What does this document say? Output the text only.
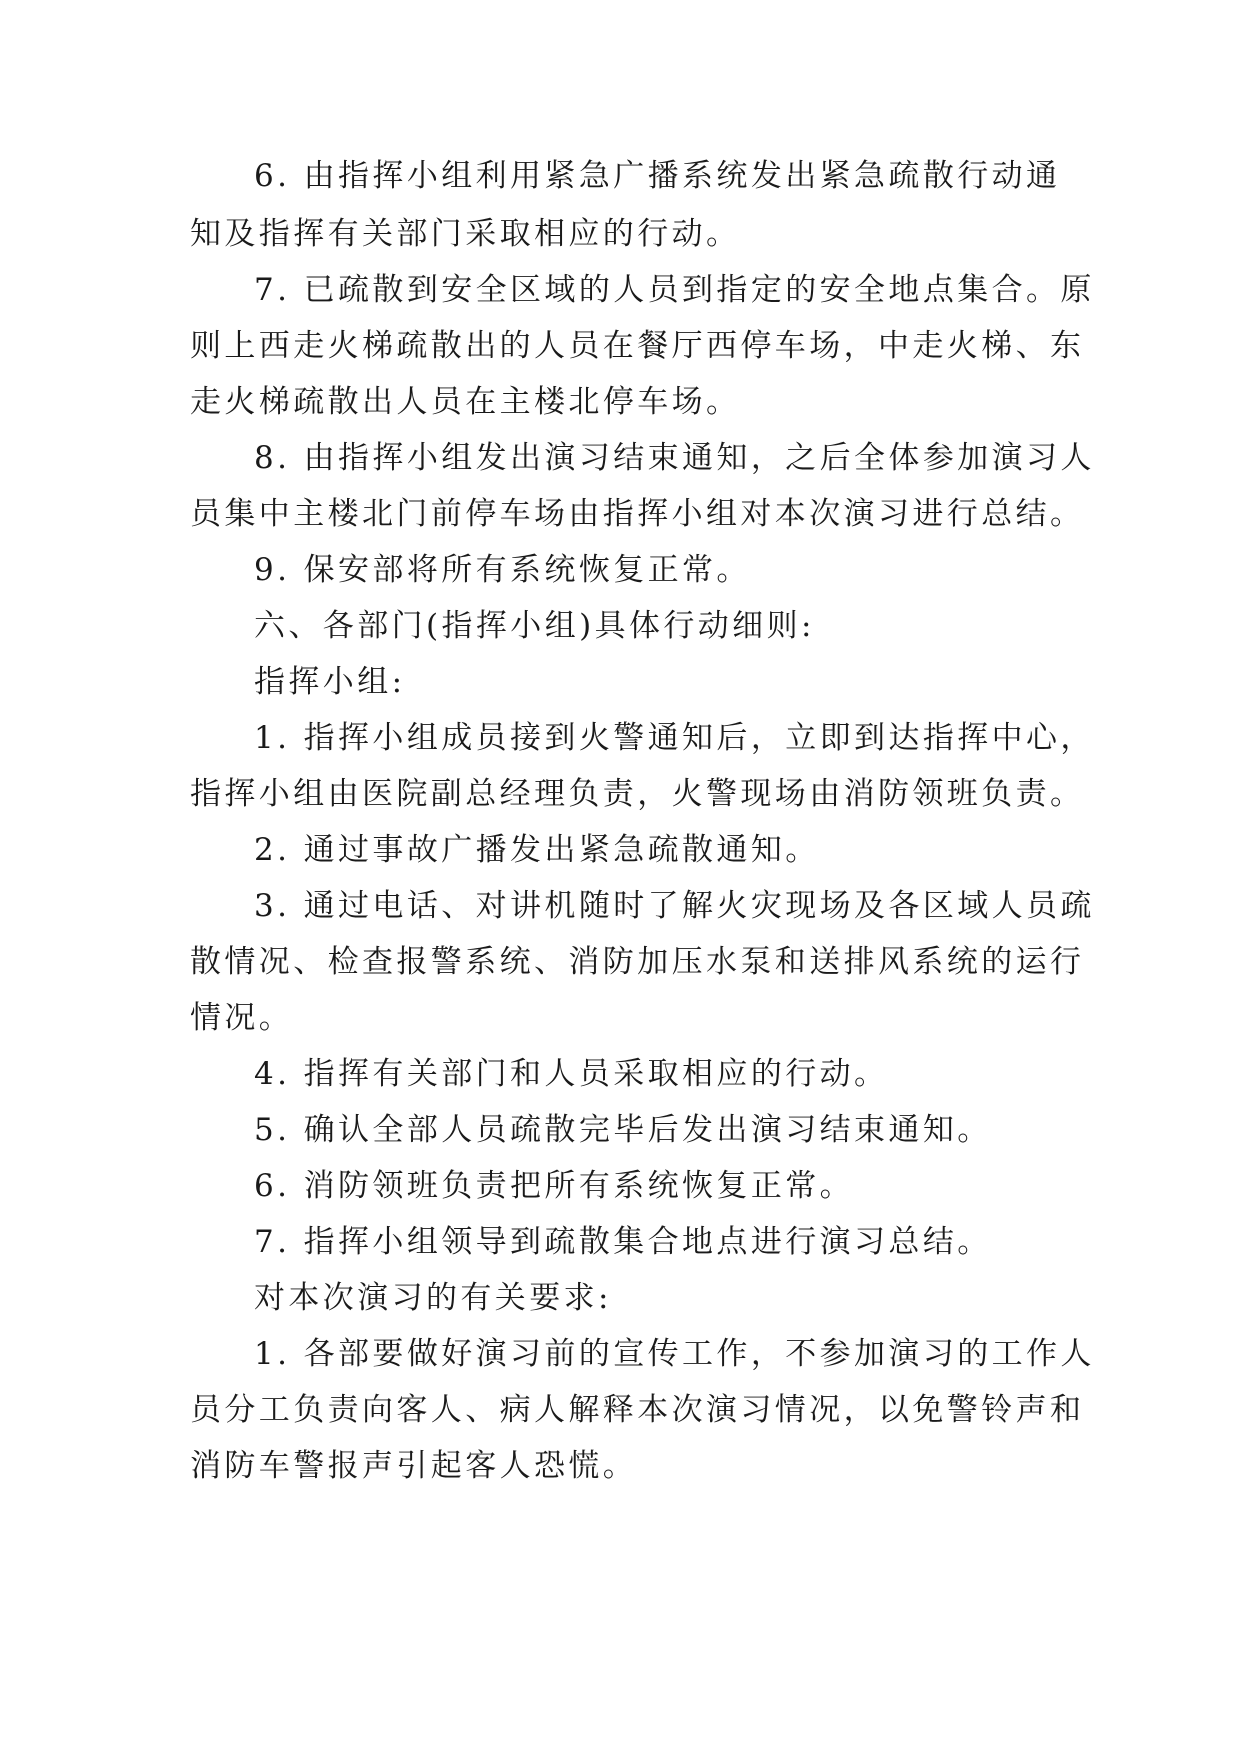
6. 由指挥小组利用紧急广播系统发出紧急疏散行动通
知及指挥有关部门采取相应的行动。
7. 已疏散到安全区域的人员到指定的安全地点集合。原
则上西走火梯疏散出的人员在餐厅西停车场，中走火梯、东
走火梯疏散出人员在主楼北停车场。
8. 由指挥小组发出演习结束通知，之后全体参加演习人
员集中主楼北门前停车场由指挥小组对本次演习进行总结。
9. 保安部将所有系统恢复正常。
六、各部门(指挥小组)具体行动细则:
指挥小组:
1. 指挥小组成员接到火警通知后，立即到达指挥中心，
指挥小组由医院副总经理负责，火警现场由消防领班负责。
2. 通过事故广播发出紧急疏散通知。
3. 通过电话、对讲机随时了解火灾现场及各区域人员疏
散情况、检查报警系统、消防加压水泵和送排风系统的运行
情况。
4. 指挥有关部门和人员采取相应的行动。
5. 确认全部人员疏散完毕后发出演习结束通知。
6. 消防领班负责把所有系统恢复正常。
7. 指挥小组领导到疏散集合地点进行演习总结。
对本次演习的有关要求:
1. 各部要做好演习前的宣传工作，不参加演习的工作人
员分工负责向客人、病人解释本次演习情况，以免警铃声和
消防车警报声引起客人恐慌。
